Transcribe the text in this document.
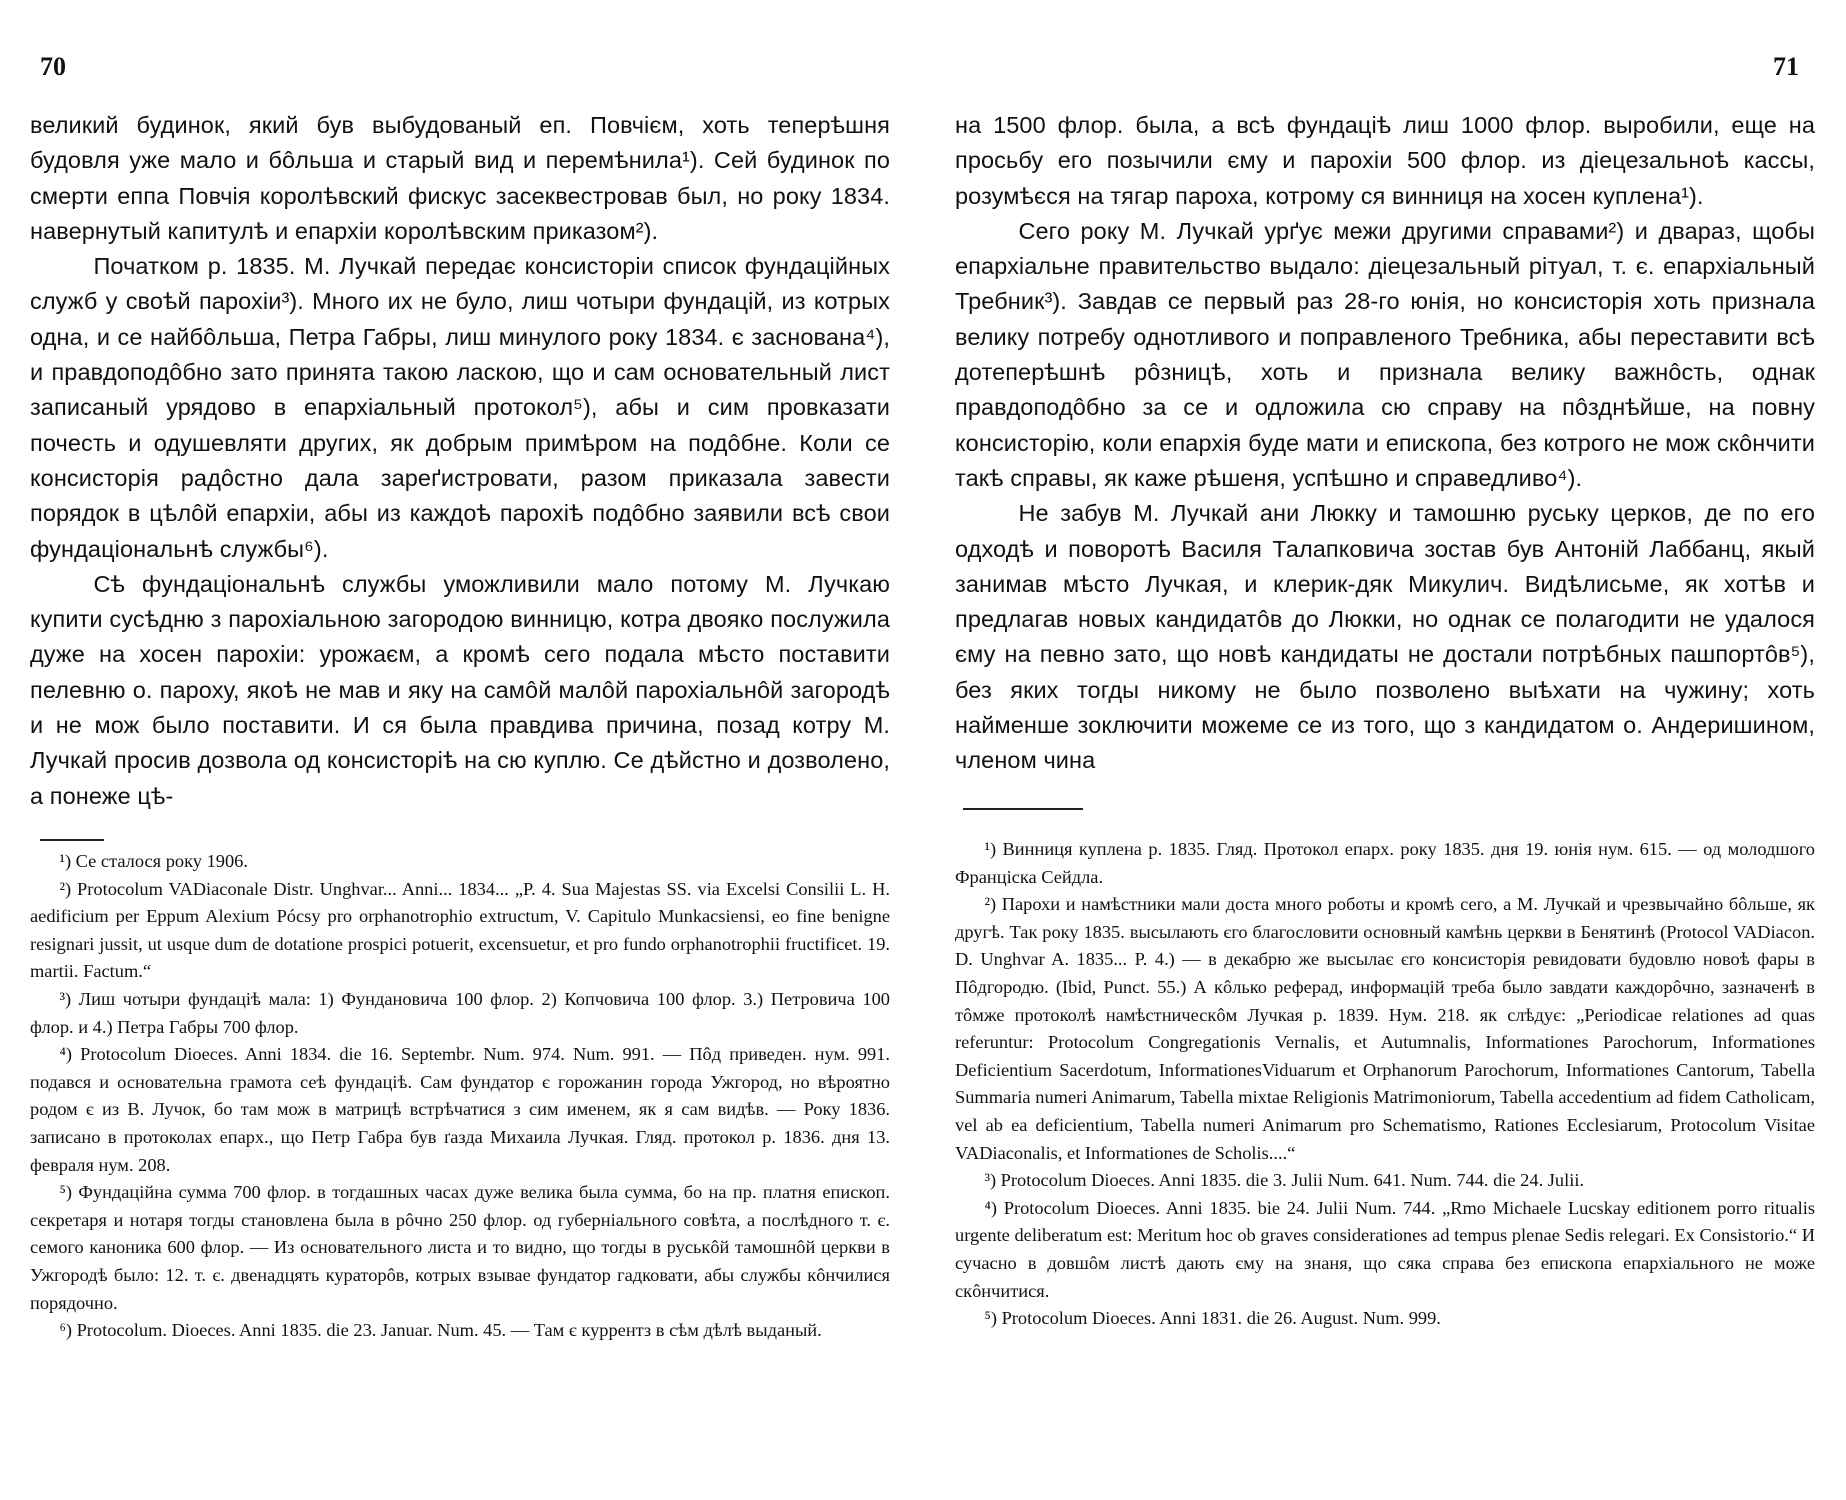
70

великий будинок, який був выбудованый еп. Повчiєм, хоть теперѣшня будовля уже мало и бôльша и старый вид и перемѣнила¹). Сей будинок по смерти еппа Повчiя королѣвский фискус засеквестровав был, но року 1834. навернутый капитулѣ и епархiи королѣвским приказом²).

Початком р. 1835. М. Лучкай передає консисторiи список фундацiйных служб у своѣй парохiи³). Много их не було, лиш чотыри фундацiй, из котрых одна, и се найбôльша, Петра Габры, лиш минулого року 1834. є заснована⁴), и правдоподôбно зато принята такою ласкою, що и сам основательный лист записаный урядово в епархiальный протокол⁵), абы и сим провказати почесть и одушевляти других, як добрым примѣром на подôбне. Коли се консисторiя радôстно дала зареґистровати, разом приказала завести порядок в цѣлôй епархiи, абы из каждоѣ парохiѣ подôбно заявили всѣ свои фундацiональнѣ службы⁶).

Сѣ фундацiональнѣ службы уможливили мало потому М. Лучкаю купити сусѣдню з парохiальною загородою винницю, котра двояко послужила дуже на хосен парохiи: урожаєм, а кромѣ сего подала мѣсто поставити пелевню о. пароху, якоѣ не мав и яку на самôй малôй парохiальнôй загородѣ и не мож было поставити. И ся была правдива причина, позад котру М. Лучкай просив дозвола од консисторiѣ на сю куплю. Се дѣйстно и дозволено, а понеже цѣ-

¹) Се сталося року 1906.

²) Protocolum VADiaconale Distr. Unghvar... Anni... 1834... „P. 4. Sua Majestas SS. via Excelsi Consilii L. H. aedificium per Eppum Alexium Pócsy pro orphanotrophio extructum, V. Capitulo Munkacsiensi, eo fine benigne resignari jussit, ut usque dum de dotatione prospici potuerit, excensuetur, et pro fundo orphanotrophii fructificet. 19. martii. Factum.“

³) Лиш чотыри фундацiѣ мала: 1) Фундановича 100 флор. 2) Копчовича 100 флор. 3.) Петровича 100 флор. и 4.) Петра Габры 700 флор.

⁴) Protocolum Dioeces. Anni 1834. die 16. Septembr. Num. 974. Num. 991. — Пôд приведен. нум. 991. подався и основательна грамота сеѣ фундацiѣ. Сам фундатор є горожанин города Ужгород, но вѣроятно родом є из В. Лучок, бо там мож в матрицѣ встрѣчатися з сим именем, як я сам видѣв. — Року 1836. записано в протоколах епарх., що Петр Габра був ґазда Михаила Лучкая. Гляд. протокол р. 1836. дня 13. февраля нум. 208.

⁵) Фундацiйна сумма 700 флор. в тогдашных часах дуже велика была сумма, бо на пр. платня епископ. секретаря и нотаря тогды становлена была в рôчно 250 флор. од губернiального совѣта, а послѣдного т. є. семого каноника 600 флор. — Из основательного листа и то видно, що тогды в руськôй тамошнôй церкви в Ужгородѣ было: 12. т. є. двенадцять кураторôв, котрых взывае фундатор гадковати, абы службы кôнчилися порядочно.

⁶) Protocolum. Dioeces. Anni 1835. die 23. Januar. Num. 45. — Там є куррентз в сѣм дѣлѣ выданый.

71

на 1500 флор. была, а всѣ фундацiѣ лиш 1000 флор. выробили, еще на просьбу его позычили єму и парохiи 500 флор. из дiецезальноѣ кассы, розумѣєся на тягар пароха, котрому ся винниця на хосен куплена¹).

Сего року М. Лучкай урґує межи другими справами²) и дварaз, щобы епархiальне правительство выдало: дiецезальный рiтуал, т. є. епархiальный Требник³). Завдав се первый раз 28-го юнiя, но консисторiя хоть признала велику потребу однотливого и поправленого Требника, абы переставити всѣ дотеперѣшнѣ рôзницѣ, хоть и признала велику важнôсть, однак правдоподôбно за се и одложила сю справу на пôзднѣйше, на повну консисторiю, коли епархiя буде мати и епископа, без котрого не мож скôнчити такѣ справы, як каже рѣшеня, успѣшно и справедливо⁴).

Не забув М. Лучкай ани Люкку и тамошню руську церков, де по его одходѣ и поворотѣ Василя Талапковича зостав був Антонiй Лаббанц, якый занимав мѣсто Лучкая, и клерик-дяк Микулич. Видѣлисьме, як хотѣв и предлагав новых кандидатôв до Люкки, но однак се полагодити не удалося єму на певно зато, що новѣ кандидаты не достали потрѣбных пашпортôв⁵), без яких тогды никому не было позволено выѣхати на чужину; хоть найменше зоключити можеме се из того, що з кандидатом о. Андеришином, членом чина

¹) Винниця куплена р. 1835. Гляд. Протокол епарх. року 1835. дня 19. юнiя нум. 615. — од молодшого Францiска Сейдла.

²) Парохи и намѣстники мали доста много роботы и кромѣ сего, а М. Лучкай и чрезвычайно бôльше, як другѣ. Так року 1835. высылають єго благословити основный камѣнь церкви в Бенятинѣ (Protocol VADiacon. D. Unghvar A. 1835... P. 4.) — в декабрю же высылає єго консисторiя ревидовати будовлю новоѣ фары в Пôдгородю. (Ibid, Punct. 55.) А кôлько реферад, информацiй треба было завдати каждорôчно, зазначенѣ в тôмже протоколѣ намѣстническôм Лучкая р. 1839. Нум. 218. як слѣдує: „Periodicae relationes ad quas referuntur: Protocolum Congregationis Vernalis, et Autumnalis, Informationes Parochorum, Informationes Deficientium Sacerdotum, InformationesViduarum et Orphanorum Parochorum, Informationes Cantorum, Tabella Summaria numeri Animarum, Tabella mixtae Religionis Matrimoniorum, Tabella accedentium ad fidem Catholicam, vel ab ea deficientium, Tabella numeri Animarum pro Schematismo, Rationes Ecclesiarum, Protocolum Visitae VADiaconalis, et Informationes de Scholis....“

³) Protocolum Dioeces. Anni 1835. die 3. Julii Num. 641. Num. 744. die 24. Julii.

⁴) Protocolum Dioeces. Anni 1835. bie 24. Julii Num. 744. „Rmo Michaele Lucskay editionem porro ritualis urgente deliberatum est: Meritum hoc ob graves considerationes ad tempus plenae Sedis relegari. Ex Consistorio.“ И сучасно в довшôм листѣ дають єму на знаня, що сяка справа без епископа епархiального не може скôнчитися.

⁵) Protocolum Dioeces. Anni 1831. die 26. August. Num. 999.
